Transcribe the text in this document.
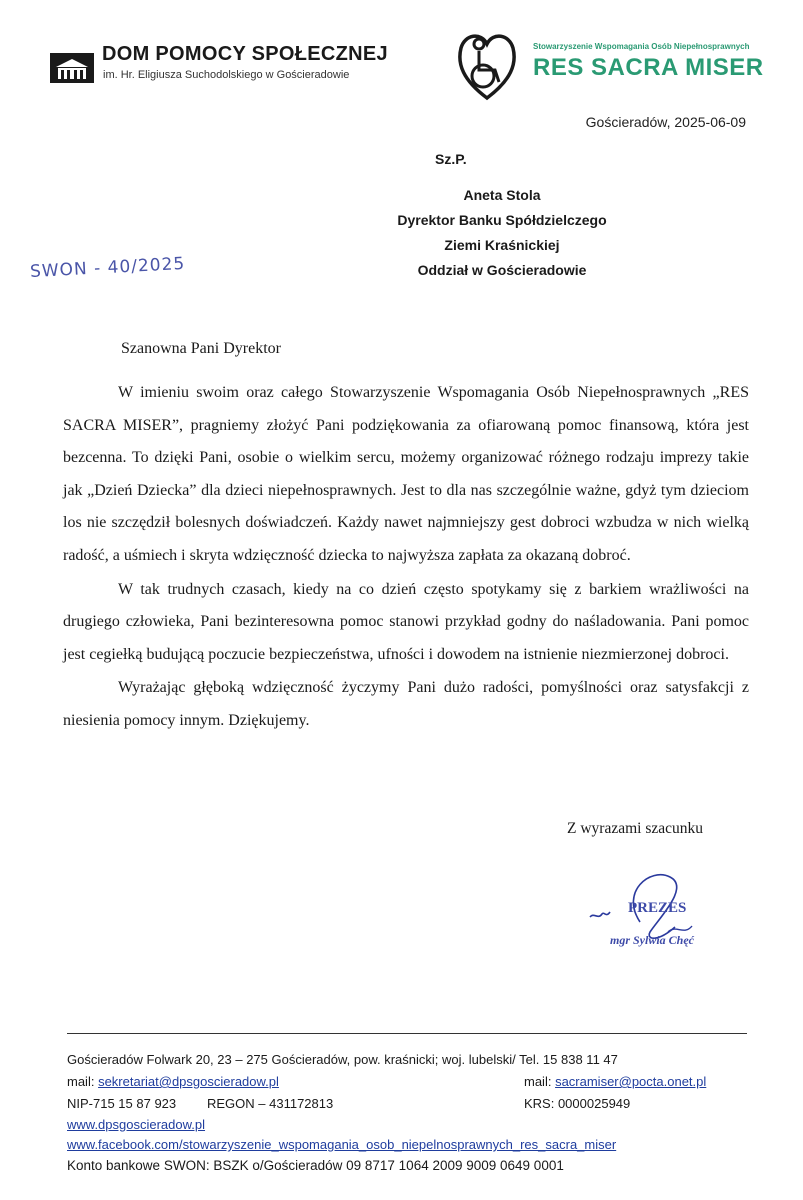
DOM POMOCY SPOŁECZNEJ
im. Hr. Eligiusza Suchodolskiego w Gościeradowie
Stowarzyszenie Wspomagania Osób Niepełnosprawnych
RES SACRA MISER
Gościeradów, 2025-06-09
Sz.P.
Aneta Stola
Dyrektor Banku Spółdzielczego
Ziemi Kraśnickiej
Oddział w Gościeradowie
SWON - 40/2025
Szanowna Pani Dyrektor

W imieniu swoim oraz całego Stowarzyszenie Wspomagania Osób Niepełnosprawnych „RES SACRA MISER”, pragniemy złożyć Pani podziękowania za ofiarowaną pomoc finansową, która jest bezcenna. To dzięki Pani, osobie o wielkim sercu, możemy organizować różnego rodzaju imprezy takie jak „Dzień Dziecka” dla dzieci niepełnosprawnych. Jest to dla nas szczególnie ważne, gdyż tym dzieciom los nie szczędził bolesnych doświadczeń. Każdy nawet najmniejszy gest dobroci wzbudza w nich wielką radość, a uśmiech i skryta wdzięczność dziecka to najwyższa zapłata za okazaną dobroć.

W tak trudnych czasach, kiedy na co dzień często spotykamy się z barkiem wrażliwości na drugiego człowieka, Pani bezinteresowna pomoc stanowi przykład godny do naśladowania. Pani pomoc jest cegiełką budującą poczucie bezpieczeństwa, ufności i dowodem na istnienie niezmierzonej dobroci.

Wyrażając głęboką wdzięczność życzymy Pani dużo radości, pomyślności oraz satysfakcji z niesienia pomocy innym. Dziękujemy.

Z wyrazami szacunku
PREZES
mgr Sylwia Chęć
Gościeradów Folwark 20, 23 – 275 Gościeradów, pow. kraśnicki; woj. lubelski/ Tel. 15 838 11 47
mail: sekretariat@dpsgoscieradow.pl	mail: sacramiser@pocta.onet.pl
NIP-715 15 87 923 REGON – 431172813	KRS: 0000025949
www.dpsgoscieradow.pl
www.facebook.com/stowarzyszenie_wspomagania_osob_niepelnosprawnych_res_sacra_miser
Konto bankowe SWON: BSZK o/Gościeradów 09 8717 1064 2009 9009 0649 0001
